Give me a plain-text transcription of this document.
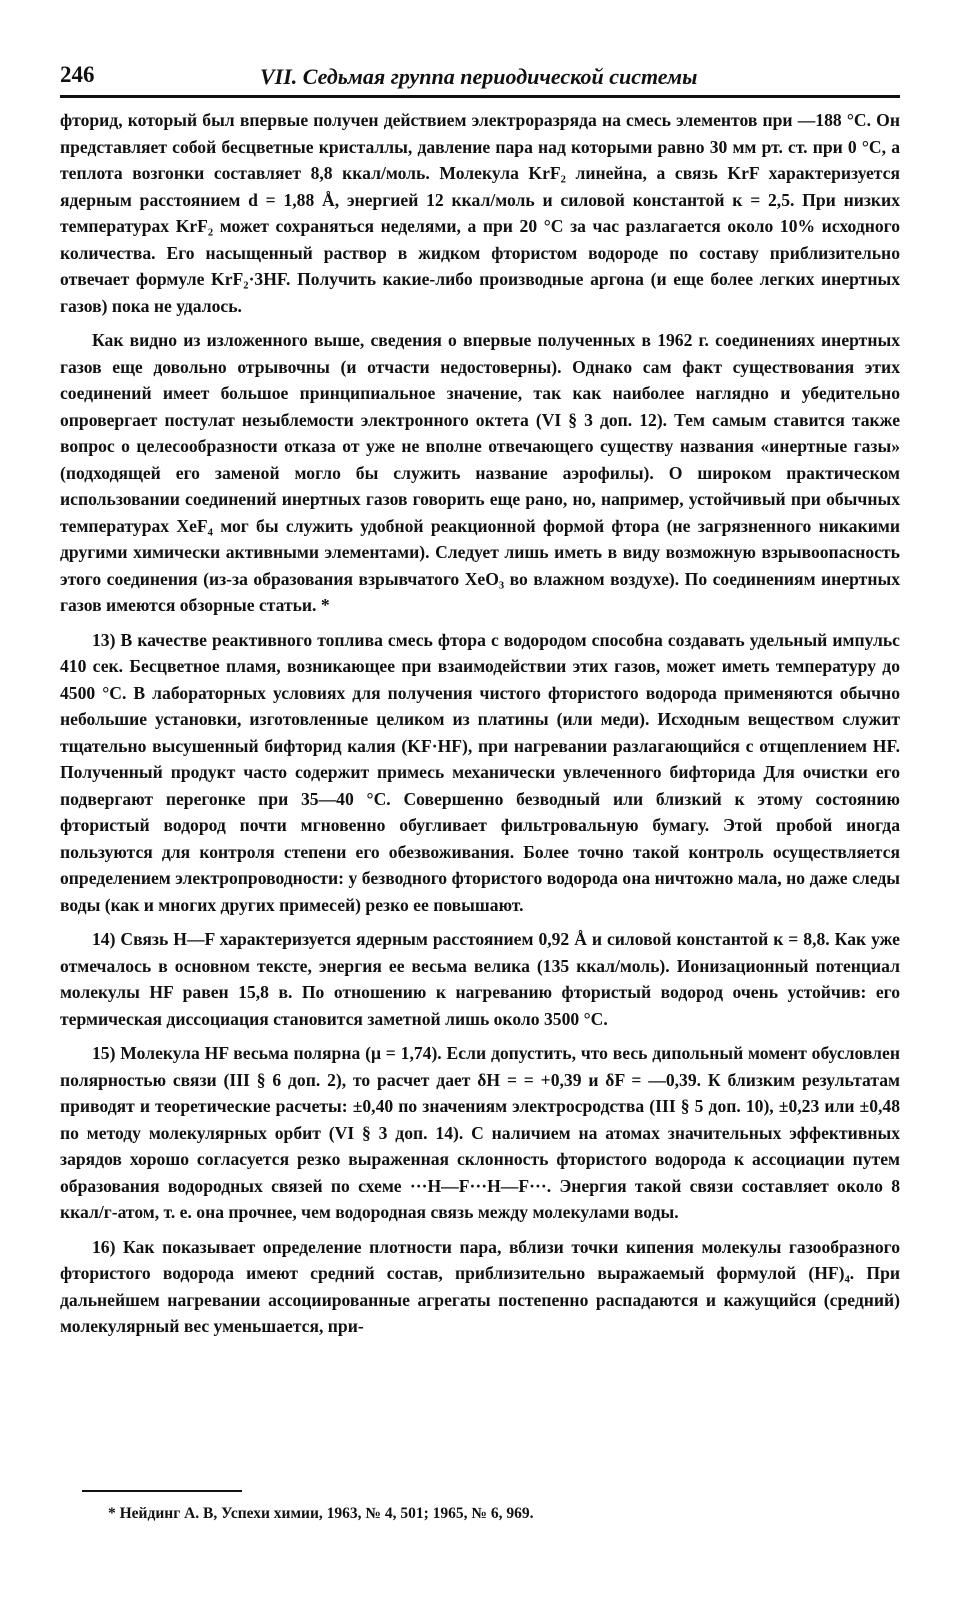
246	VII. Седьмая группа периодической системы

фторид, который был впервые получен действием электроразряда на смесь элементов при —188 °C. Он представляет собой бесцветные кристаллы, давление пара над которыми равно 30 мм рт. ст. при 0 °C, а теплота возгонки составляет 8,8 ккал/моль. Молекула KrF₂ линейна, а связь KrF характеризуется ядерным расстоянием d = 1,88 Å, энергией 12 ккал/моль и силовой константой к = 2,5. При низких температурах KrF₂ может сохраняться неделями, а при 20 °C за час разлагается около 10% исходного количества. Его насыщенный раствор в жидком фтористом водороде по составу приблизительно отвечает формуле KrF₂·3HF. Получить какие-либо производные аргона (и еще более легких инертных газов) пока не удалось.

Как видно из изложенного выше, сведения о впервые полученных в 1962 г. соединениях инертных газов еще довольно отрывочны (и отчасти недостоверны). Однако сам факт существования этих соединений имеет большое принципиальное значение, так как наиболее наглядно и убедительно опровергает постулат незыблемости электронного октета (VI § 3 доп. 12). Тем самым ставится также вопрос о целесообразности отказа от уже не вполне отвечающего существу названия «инертные газы» (подходящей его заменой могло бы служить название аэрофилы). О широком практическом использовании соединений инертных газов говорить еще рано, но, например, устойчивый при обычных температурах XeF₄ мог бы служить удобной реакционной формой фтора (не загрязненного никакими другими химически активными элементами). Следует лишь иметь в виду возможную взрывоопасность этого соединения (из-за образования взрывчатого XeO₃ во влажном воздухе). По соединениям инертных газов имеются обзорные статьи. *

13) В качестве реактивного топлива смесь фтора с водородом способна создавать удельный импульс 410 сек. Бесцветное пламя, возникающее при взаимодействии этих газов, может иметь температуру до 4500 °C. В лабораторных условиях для получения чистого фтористого водорода применяются обычно небольшие установки, изготовленные целиком из платины (или меди). Исходным веществом служит тщательно высушенный бифторид калия (KF·HF), при нагревании разлагающийся с отщеплением HF. Полученный продукт часто содержит примесь механически увлеченного бифторида Для очистки его подвергают перегонке при 35—40 °C. Совершенно безводный или близкий к этому состоянию фтористый водород почти мгновенно обугливает фильтровальную бумагу. Этой пробой иногда пользуются для контроля степени его обезвоживания. Более точно такой контроль осуществляется определением электропроводности: у безводного фтористого водорода она ничтожно мала, но даже следы воды (как и многих других примесей) резко ее повышают.

14) Связь H—F характеризуется ядерным расстоянием 0,92 Å и силовой константой к = 8,8. Как уже отмечалось в основном тексте, энергия ее весьма велика (135 ккал/моль). Ионизационный потенциал молекулы HF равен 15,8 в. По отношению к нагреванию фтористый водород очень устойчив: его термическая диссоциация становится заметной лишь около 3500 °C.

15) Молекула HF весьма полярна (μ = 1,74). Если допустить, что весь дипольный момент обусловлен полярностью связи (III § 6 доп. 2), то расчет дает δH = = +0,39 и δF = —0,39. К близким результатам приводят и теоретические расчеты: ±0,40 по значениям электросродства (III § 5 доп. 10), ±0,23 или ±0,48 по методу молекулярных орбит (VI § 3 доп. 14). С наличием на атомах значительных эффективных зарядов хорошо согласуется резко выраженная склонность фтористого водорода к ассоциации путем образования водородных связей по схеме ···H—F···H—F···. Энергия такой связи составляет около 8 ккал/г-атом, т. е. она прочнее, чем водородная связь между молекулами воды.

16) Как показывает определение плотности пара, вблизи точки кипения молекулы газообразного фтористого водорода имеют средний состав, приблизительно выражаемый формулой (HF)₄. При дальнейшем нагревании ассоциированные агрегаты постепенно распадаются и кажущийся (средний) молекулярный вес уменьшается, при-

* Нейдинг А. В, Успехи химии, 1963, № 4, 501; 1965, № 6, 969.
